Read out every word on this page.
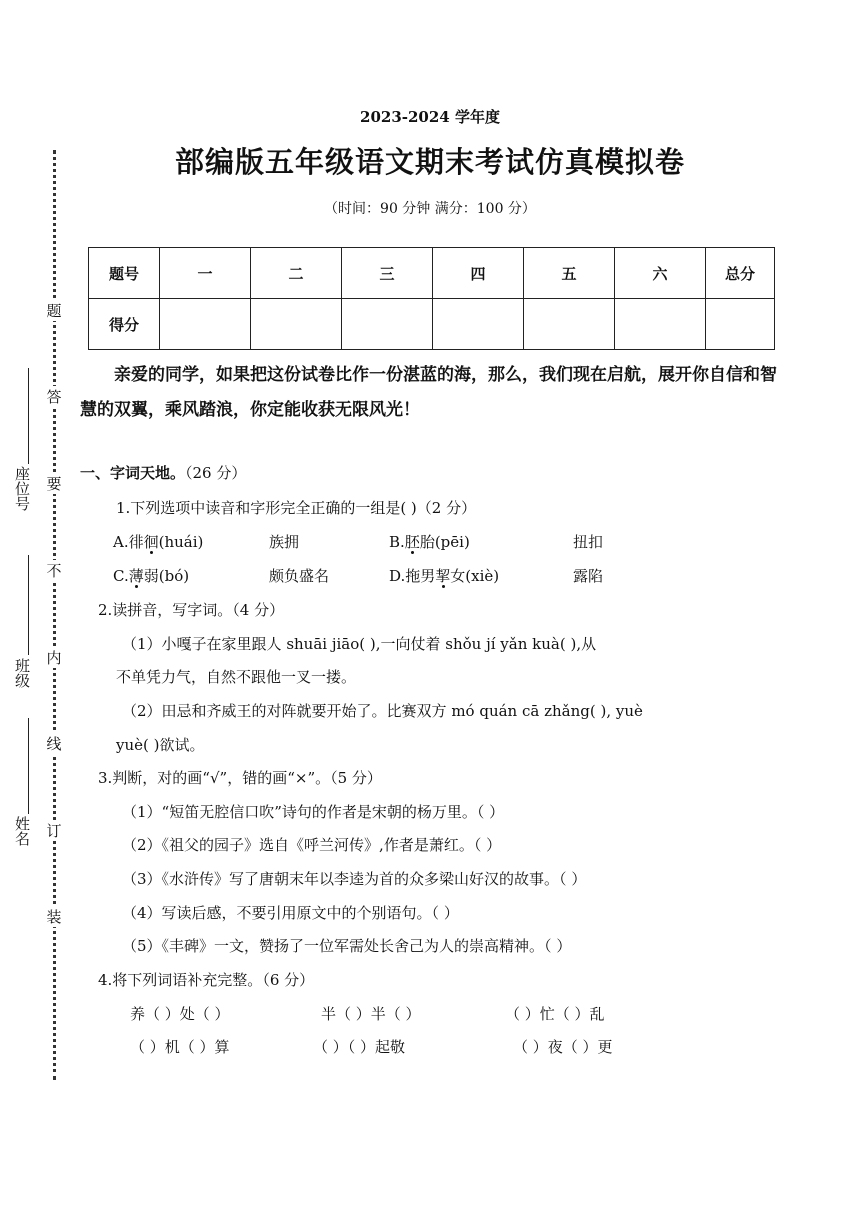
题
答
要
不
内
线
订
装
座位号
班级
姓名
2023-2024 学年度
部编版五年级语文期末考试仿真模拟卷
（时间：90 分钟 满分：100 分）
题号	一	二	三	四	五	六	总分
得分							
亲爱的同学，如果把这份试卷比作一份湛蓝的海，那么，我们现在启航，展开你自信和智慧的双翼，乘风踏浪，你定能收获无限风光！
一、字词天地。（26 分）
1.下列选项中读音和字形完全正确的一组是( )（2 分）
A.徘徊(huái)	族拥	B.胚胎(pēi)	扭扣
C.薄弱(bó)	颇负盛名	D.拖男挈女(xiè)	露陷
2.读拼音，写字词。（4 分）
（1）小嘎子在家里跟人 shuāi jiāo( ),一向仗着 shǒu jí yǎn kuà( ),从
不单凭力气，自然不跟他一叉一搂。
（2）田忌和齐威王的对阵就要开始了。比赛双方 mó quán cā zhǎng( ), yuè
yuè( )欲试。
3.判断，对的画“√”，错的画“×”。（5 分）
（1）“短笛无腔信口吹”诗句的作者是宋朝的杨万里。（ ）
（2）《祖父的园子》选自《呼兰河传》,作者是萧红。（ ）
（3）《水浒传》写了唐朝末年以李逵为首的众多梁山好汉的故事。（ ）
（4）写读后感，不要引用原文中的个别语句。（ ）
（5）《丰碑》一文，赞扬了一位军需处长舍己为人的崇高精神。（ ）
4.将下列词语补充完整。（6 分）
养（ ）处（ ）	半（ ）半（ ）	（ ）忙（ ）乱
（ ）机（ ）算	（ ）（ ）起敬	（ ）夜（ ）更
